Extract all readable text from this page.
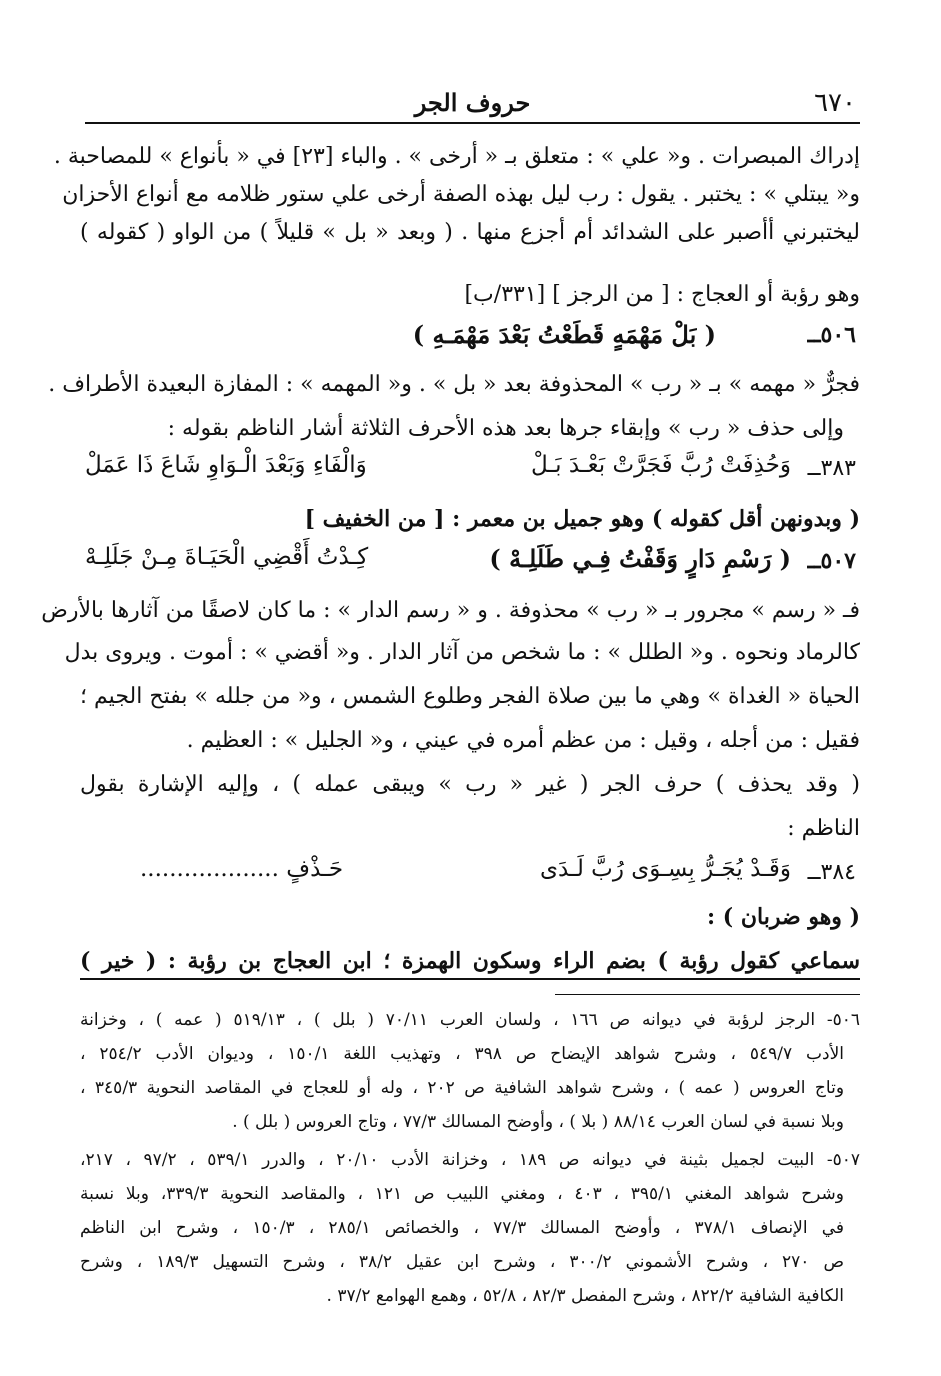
٦٧٠
حروف الجر
إدراك المبصرات . و« علي » : متعلق بـ « أرخى » . والباء [٢٣] في « بأنواع » للمصاحبة .
و« يبتلي » : يختبر . يقول : رب ليل بهذه الصفة أرخى علي ستور ظلامه مع أنواع الأحزان
ليختبرني أأصبر على الشدائد أم أجزع منها . ( وبعد « بل » قليلاً ) من الواو ( كقوله )
وهو رؤبة أو العجاج : [ من الرجز ] [٣٣١/ب]
٥٠٦ــ
( بَلْ مَهْمَهٍ قَطَعْتُ بَعْدَ مَهْمَـهِ )
فجرٌّ « مهمه » بـ « رب » المحذوفة بعد « بل » . و« المهمه » : المفازة البعيدة الأطراف .
وإلى حذف « رب » وإبقاء جرها بعد هذه الأحرف الثلاثة أشار الناظم بقوله :
٣٨٣ــ
وَحُذِفَتْ رُبَّ فَجَرَّتْ بَعْـدَ بَـلْ
وَالْفَاءِ وَبَعْدَ الْـوَاوِ شَاعَ ذَا عَمَلْ
( وبدونهن أقل كقوله ) وهو جميل بن معمر : [ من الخفيف ]
٥٠٧ــ
( رَسْمِ دَارٍ وَقَفْتُ فِـي طَلَلِـهْ )
كِـدْتُ أَقْضِي الْحَيَـاةَ مِـنْ جَلَلِـهْ
فـ « رسم » مجرور بـ « رب » محذوفة . و « رسم الدار » : ما كان لاصقًا من آثارها بالأرض
كالرماد ونحوه . و« الطلل » : ما شخص من آثار الدار . و« أقضي » : أموت . ويروى بدل
الحياة « الغداة » وهي ما بين صلاة الفجر وطلوع الشمس ، و« من جلله » بفتح الجيم ؛
فقيل : من أجله ، وقيل : من عظم أمره في عيني ، و« الجليل » : العظيم .
( وقد يحذف ) حرف الجر ( غير « رب » ويبقى عمله ) ، وإليه الإشارة بقول
الناظم :
٣٨٤ــ
وَقَـدْ يُجَـرُّ بِسِـوَى رُبَّ لَـدَى
حَـذْفٍ ...................
( وهو ضربان ) :
سماعي كقول رؤبة ) بضم الراء وسكون الهمزة ؛ ابن العجاج بن رؤبة : ( خير )
٥٠٦- الرجز لرؤبة في ديوانه ص ١٦٦ ، ولسان العرب ٧٠/١١ ( بلل ) ، ٥١٩/١٣ ( عمه ) ، وخزانة
الأدب ٥٤٩/٧ ، وشرح شواهد الإيضاح ص ٣٩٨ ، وتهذيب اللغة ١٥٠/١ ، وديوان الأدب ٢٥٤/٢ ،
وتاج العروس ( عمه ) ، وشرح شواهد الشافية ص ٢٠٢ ، وله أو للعجاج في المقاصد النحوية ٣٤٥/٣ ،
وبلا نسبة في لسان العرب ٨٨/١٤ ( بلا ) ، وأوضح المسالك ٧٧/٣ ، وتاج العروس ( بلل ) .
٥٠٧- البيت لجميل بثينة في ديوانه ص ١٨٩ ، وخزانة الأدب ٢٠/١٠ ، والدرر ٥٣٩/١ ، ٩٧/٢ ، ٢١٧،
وشرح شواهد المغني ٣٩٥/١ ، ٤٠٣ ، ومغني اللبيب ص ١٢١ ، والمقاصد النحوية ٣٣٩/٣، وبلا نسبة
في الإنصاف ٣٧٨/١ ، وأوضح المسالك ٧٧/٣ ، والخصائص ٢٨٥/١ ، ١٥٠/٣ ، وشرح ابن الناظم
ص ٢٧٠ ، وشرح الأشموني ٣٠٠/٢ ، وشرح ابن عقيل ٣٨/٢ ، وشرح التسهيل ١٨٩/٣ ، وشرح
الكافية الشافية ٨٢٢/٢ ، وشرح المفصل ٨٢/٣ ، ٥٢/٨ ، وهمع الهوامع ٣٧/٢ .
